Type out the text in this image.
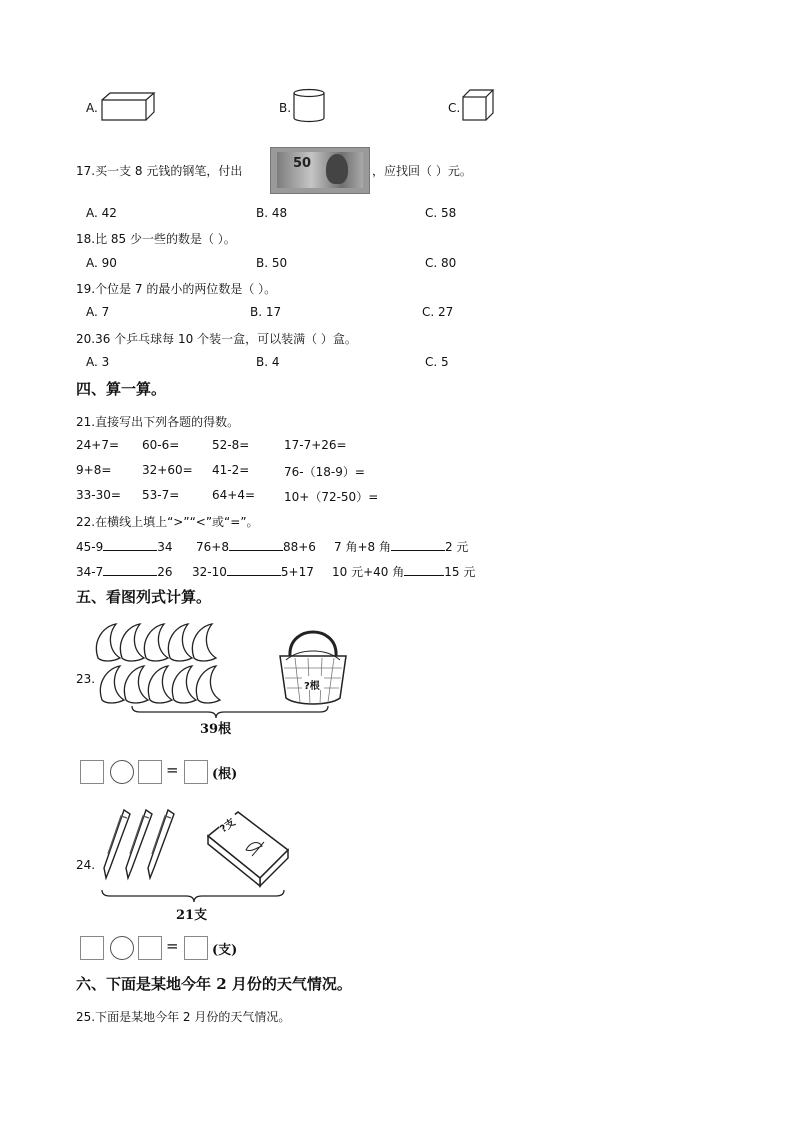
A.	B.	C.
17.买一支 8 元钱的钢笔，付出	50	，应找回（ ）元。
A. 42	B. 48	C. 58
18.比 85 少一些的数是（ ）。
A. 90	B. 50	C. 80
19.个位是 7 的最小的两位数是（ ）。
A. 7	B. 17	C. 27
20.36 个乒乓球每 10 个装一盒，可以装满（ ）盒。
A. 3	B. 4	C. 5
四、算一算。
21.直接写出下列各题的得数。
24+7= 60-6=	52-8=	17-7+26=
9+8=	32+60= 41-2=	76-（18-9）=
33-30= 53-7=	64+4= 10+（72-50）=
22.在横线上填上“>”“<”或“=”。
45-9	34 76+8	88+6 7 角+8 角	2 元
34-7	26 32-10	5+17 10 元+40 角	15 元
五、看图列式计算。
23.
?根
39根
=	(根)
24.
?支
21支
=	(支)
六、下面是某地今年 2 月份的天气情况。
25.下面是某地今年 2 月份的天气情况。
